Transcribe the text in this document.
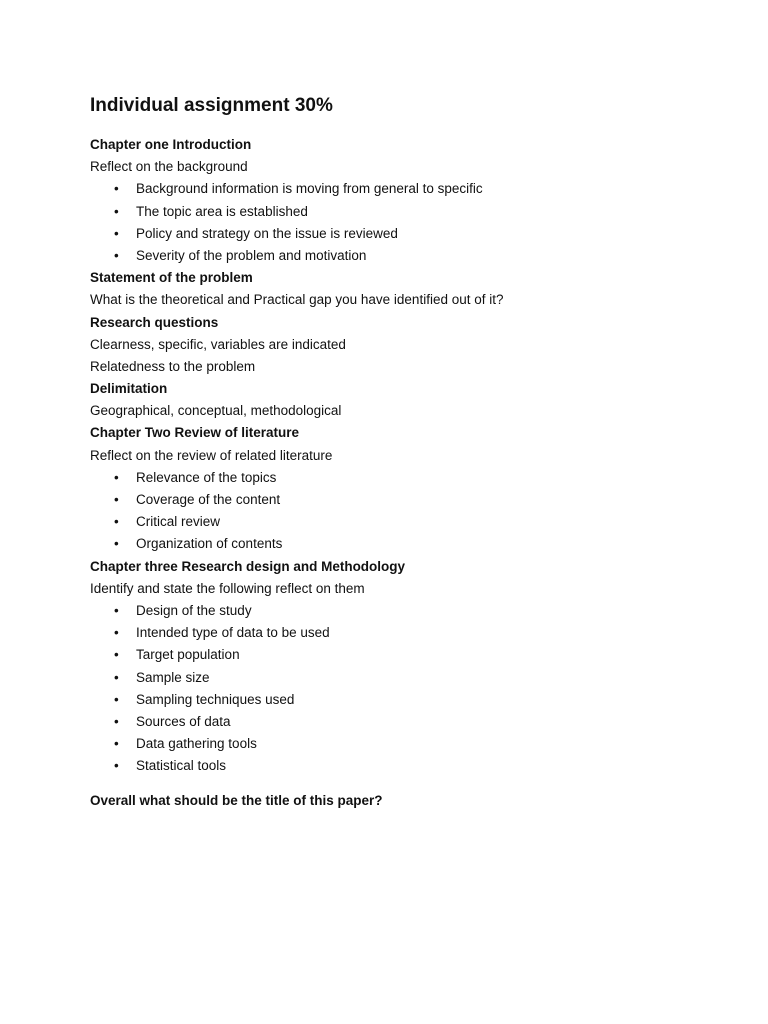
Individual assignment 30%
Chapter one Introduction
Reflect on the background
• Background information is moving from general to specific
• The topic area is established
• Policy and strategy on the issue is reviewed
• Severity of the problem and motivation
Statement of the problem
What is the theoretical and Practical gap you have identified out of it?
Research questions
Clearness, specific, variables are indicated
Relatedness to the problem
Delimitation
Geographical, conceptual, methodological
Chapter Two Review of literature
Reflect on the review of related literature
• Relevance of the topics
• Coverage of the content
• Critical review
• Organization of contents
Chapter three Research design and Methodology
Identify and state the following reflect on them
• Design of the study
• Intended type of data to be used
• Target population
• Sample size
• Sampling techniques used
• Sources of data
• Data gathering tools
• Statistical tools
Overall what should be the title of this paper?
